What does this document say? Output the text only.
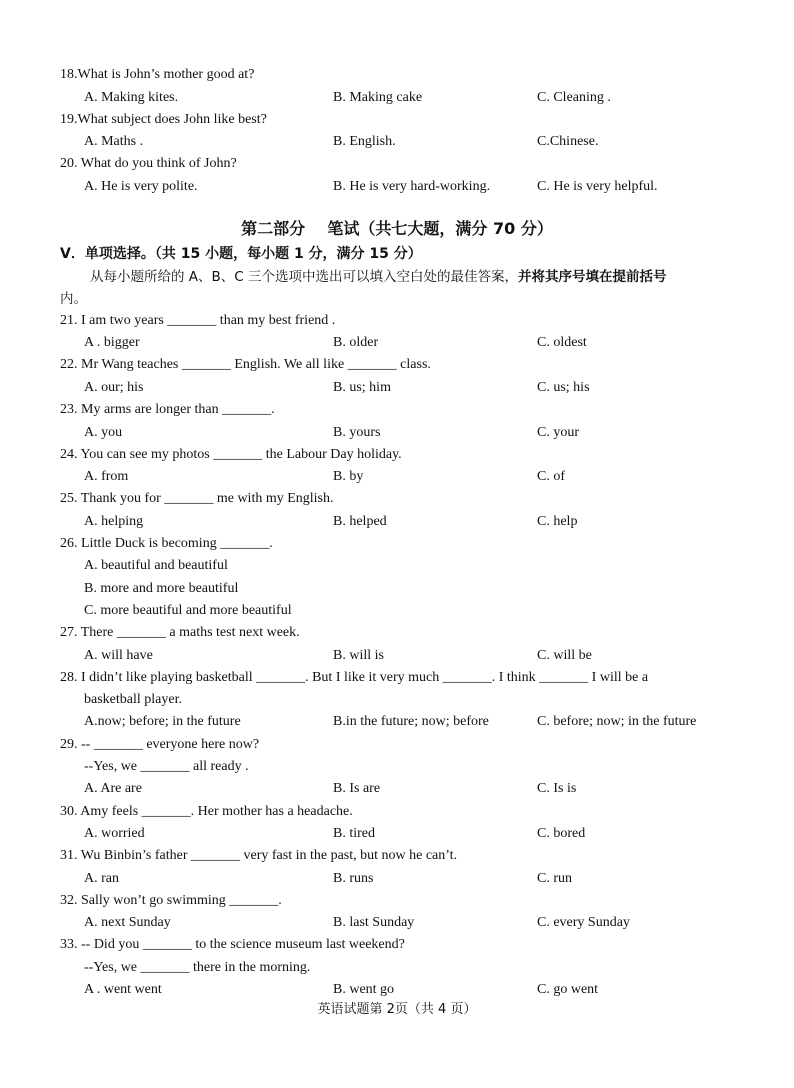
18.What is John’s mother good at?
A. Making kites.	B. Making cake	C. Cleaning .
19.What subject does John like best?
A. Maths .	B. English.	C.Chinese.
20. What do you think of John?
A. He is very polite.	B. He is very hard-working.	C. He is very helpful.
第二部分    笔试（共七大题，满分 70 分）
V．单项选择。（共 15 小题，每小题 1 分，满分 15 分）
从每小题所给的 A、B、C 三个选项中选出可以填入空白处的最佳答案，并将其序号填在提前括号
内。
21. I am two years _______ than my best friend .
A . bigger	B. older	C. oldest
22. Mr Wang teaches _______ English. We all like _______ class.
A. our; his	B. us; him	C. us; his
23. My arms are longer than _______.
A. you	B. yours	C. your
24. You can see my photos _______ the Labour Day holiday.
A. from	B. by	C. of
25. Thank you for _______ me with my English.
A. helping	B. helped	C. help
26. Little Duck is becoming _______.
A. beautiful and beautiful
B. more and more beautiful
C. more beautiful and more beautiful
27. There _______ a maths test next week.
A. will have	B. will is	C. will be
28. I didn’t like playing basketball _______. But I like it very much _______. I think _______ I will be a
basketball player.
A.now; before; in the future	B.in the future; now; before	C. before; now; in the future
29. -- _______ everyone here now?
--Yes, we _______ all ready .
A. Are are	B. Is are	C. Is is
30. Amy feels _______. Her mother has a headache.
A. worried	B. tired	C. bored
31. Wu Binbin’s father _______ very fast in the past, but now he can’t.
A. ran	B. runs	C. run
32. Sally won’t go swimming _______.
A. next Sunday	B. last Sunday	C. every Sunday
33. -- Did you _______ to the science museum last weekend?
--Yes, we _______ there in the morning.
A . went went	B. went go	C. go went
英语试题第 2页（共 4 页）
